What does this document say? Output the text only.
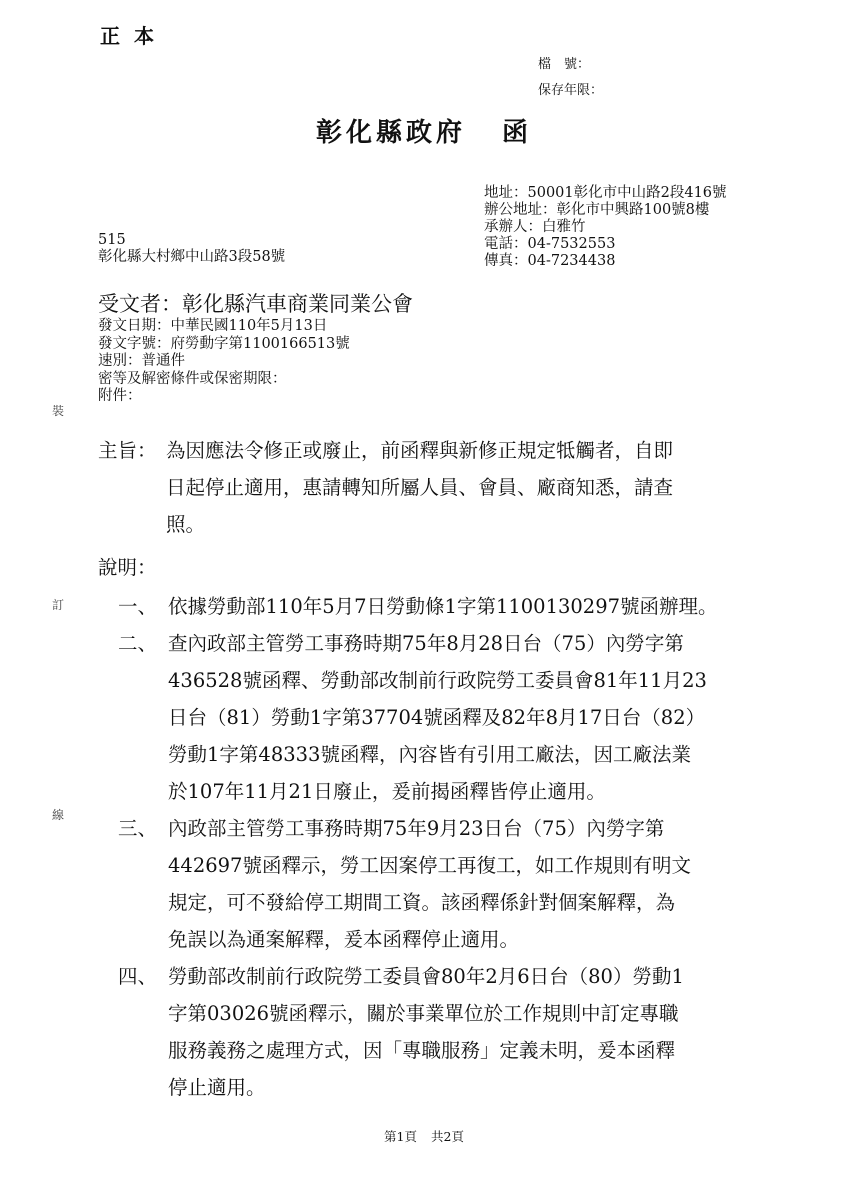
正本
檔　號：
保存年限：
彰化縣政府 函
地址：50001彰化市中山路2段416號
辦公地址：彰化市中興路100號8樓
承辦人：白雅竹
電話：04-7532553
傳真：04-7234438
515
彰化縣大村鄉中山路3段58號
受文者：彰化縣汽車商業同業公會
發文日期：中華民國110年5月13日
發文字號：府勞動字第1100166513號
速別：普通件
密等及解密條件或保密期限：
附件：
裝
訂
線
主旨： 為因應法令修正或廢止，前函釋與新修正規定牴觸者，自即
日起停止適用，惠請轉知所屬人員、會員、廠商知悉，請查
照。
說明：
一、 依據勞動部110年5月7日勞動條1字第1100130297號函辦理。
二、 查內政部主管勞工事務時期75年8月28日台（75）內勞字第
436528號函釋、勞動部改制前行政院勞工委員會81年11月23
日台（81）勞動1字第37704號函釋及82年8月17日台（82）
勞動1字第48333號函釋，內容皆有引用工廠法，因工廠法業
於107年11月21日廢止，爰前揭函釋皆停止適用。
三、 內政部主管勞工事務時期75年9月23日台（75）內勞字第
442697號函釋示，勞工因案停工再復工，如工作規則有明文
規定，可不發給停工期間工資。該函釋係針對個案解釋，為
免誤以為通案解釋，爰本函釋停止適用。
四、 勞動部改制前行政院勞工委員會80年2月6日台（80）勞動1
字第03026號函釋示，關於事業單位於工作規則中訂定專職
服務義務之處理方式，因「專職服務」定義未明，爰本函釋
停止適用。
第1頁 共2頁
